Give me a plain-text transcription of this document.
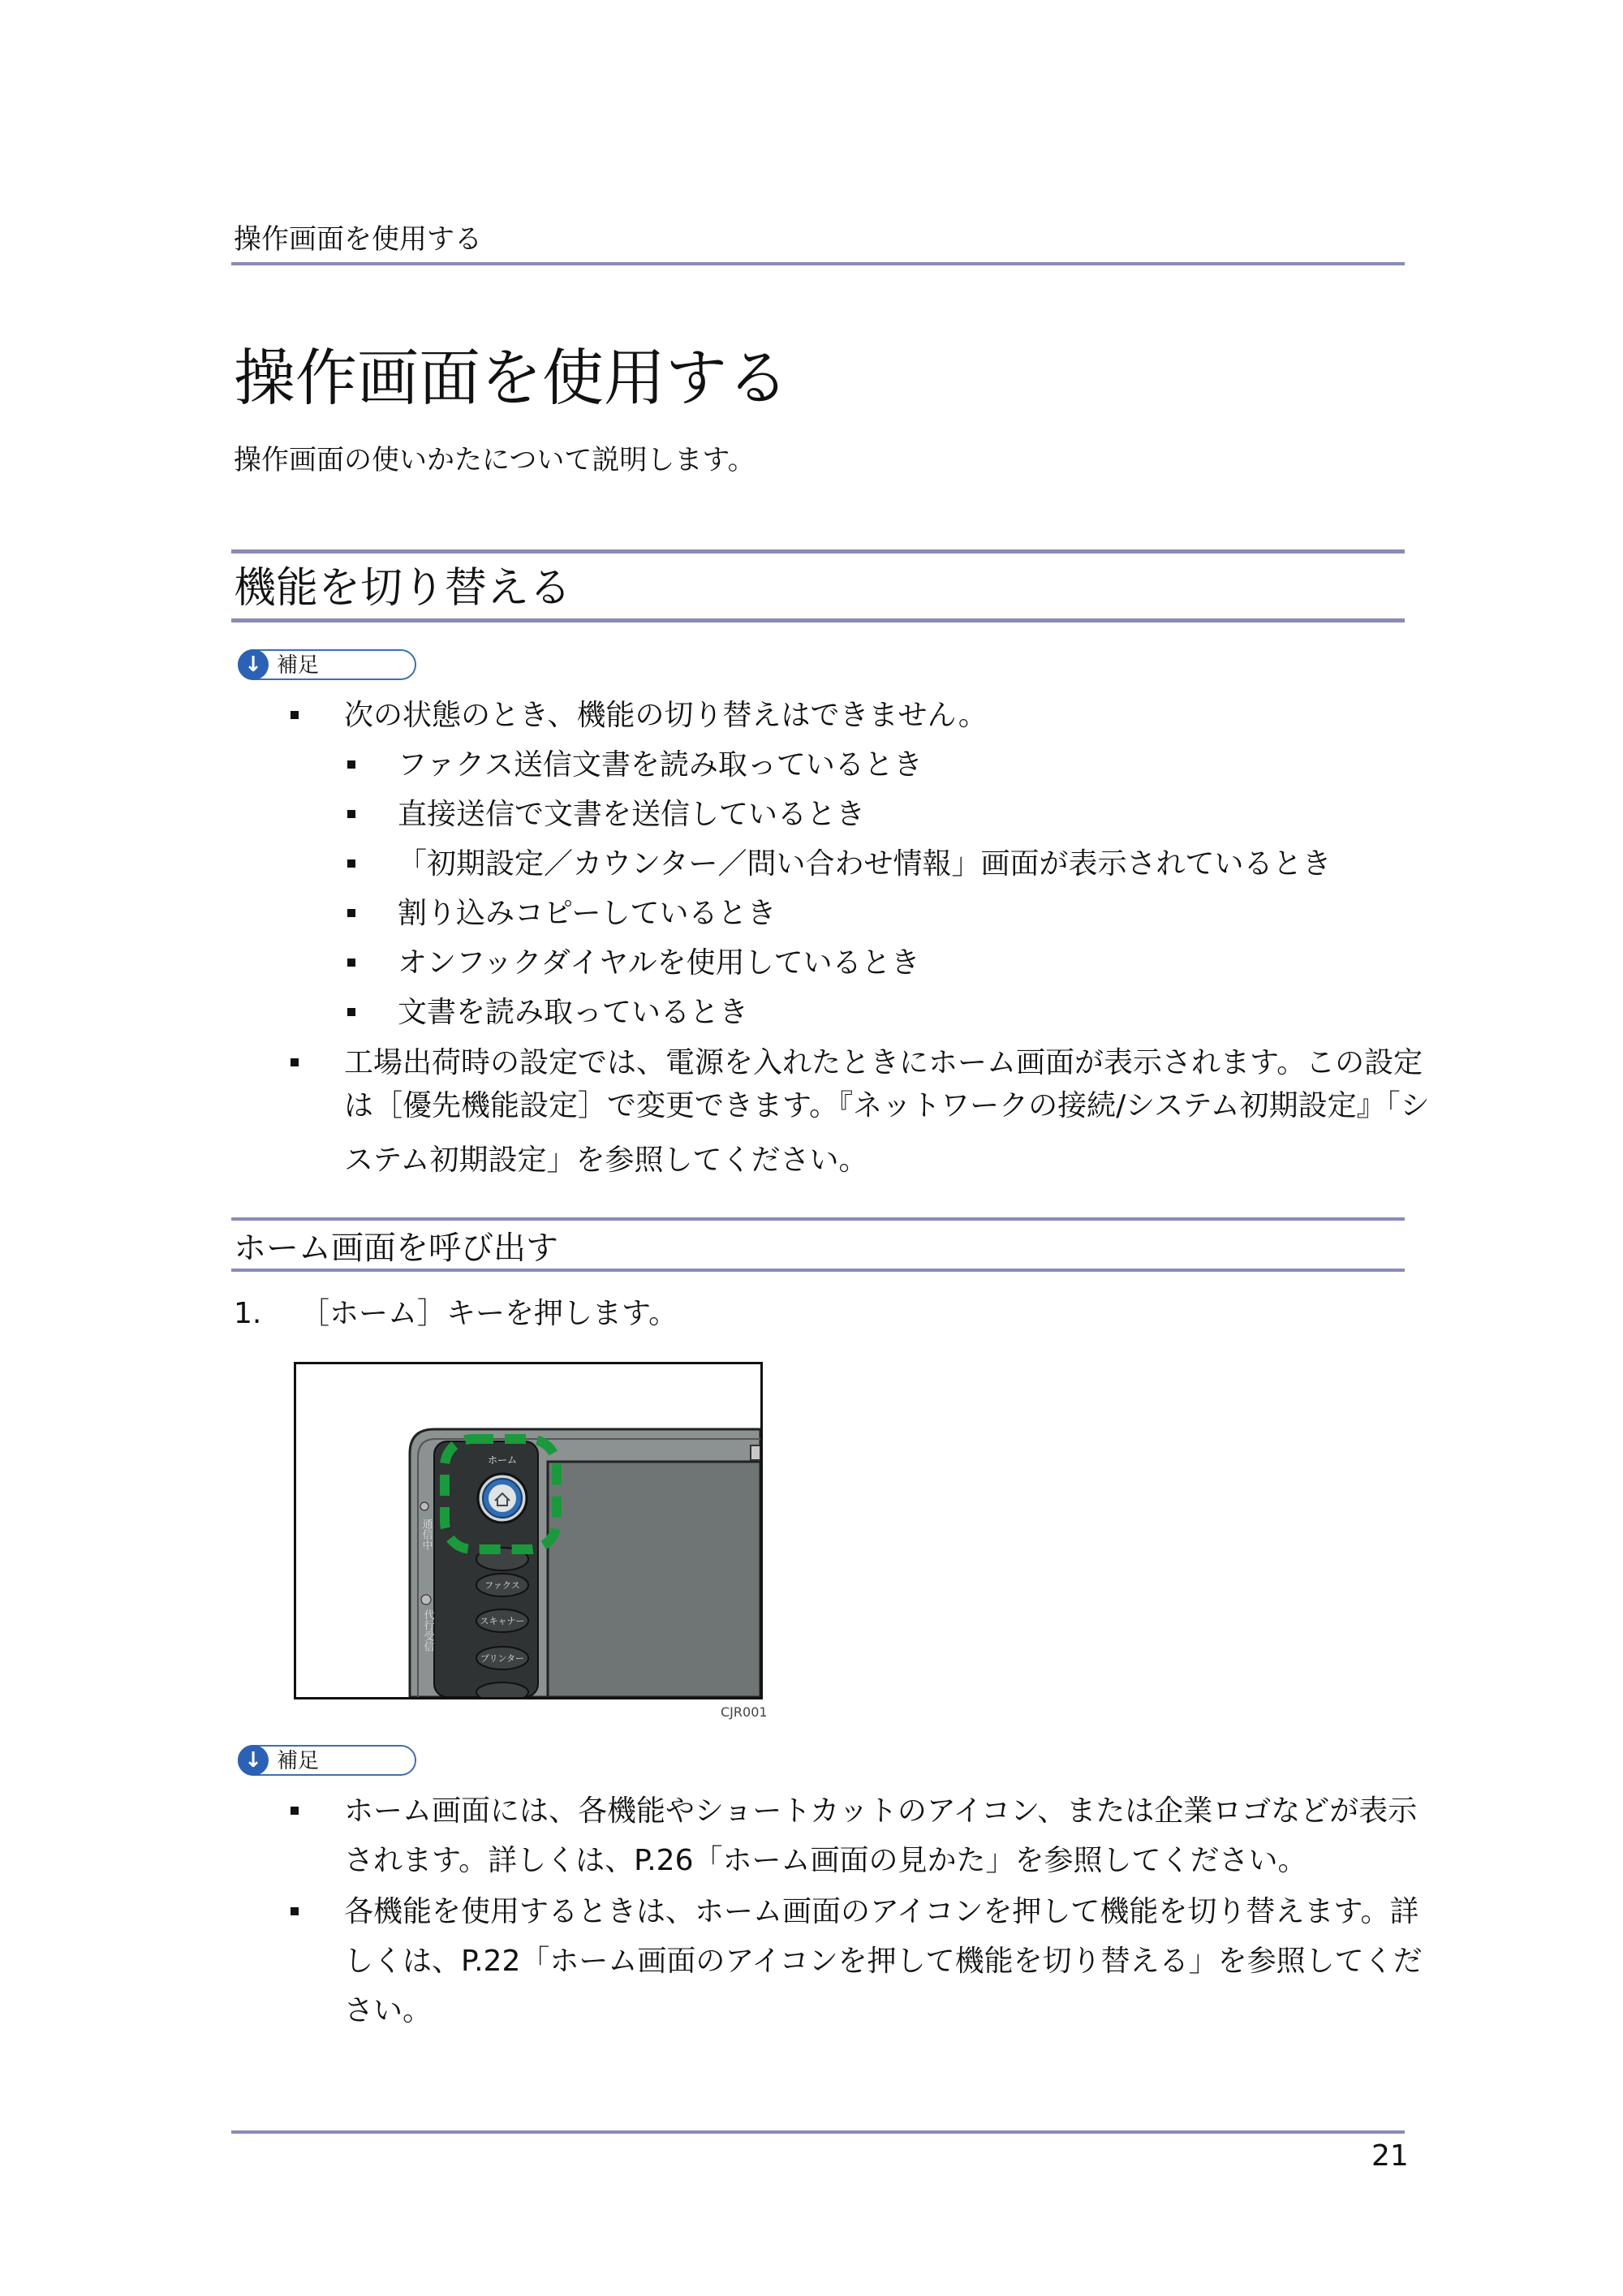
操作画面を使用する
操作画面を使用する
操作画面の使いかたについて説明します。
機能を切り替える
↓ 補足
次の状態のとき、機能の切り替えはできません。
ファクス送信文書を読み取っているとき
直接送信で文書を送信しているとき
「初期設定／カウンター／問い合わせ情報」画面が表示されているとき
割り込みコピーしているとき
オンフックダイヤルを使用しているとき
文書を読み取っているとき
工場出荷時の設定では、電源を入れたときにホーム画面が表示されます。この設定
は［優先機能設定］で変更できます。『ネットワークの接続/システム初期設定』「シ
ステム初期設定」を参照してください。
ホーム画面を呼び出す
1. ［ホーム］キーを押します。
ホーム
ファクス
スキャナー
プリンター
通信中
代行受信
CJR001
↓ 補足
ホーム画面には、各機能やショートカットのアイコン、または企業ロゴなどが表示
されます。詳しくは、P.26「ホーム画面の見かた」を参照してください。
各機能を使用するときは、ホーム画面のアイコンを押して機能を切り替えます。詳
しくは、P.22「ホーム画面のアイコンを押して機能を切り替える」を参照してくだ
さい。
21
